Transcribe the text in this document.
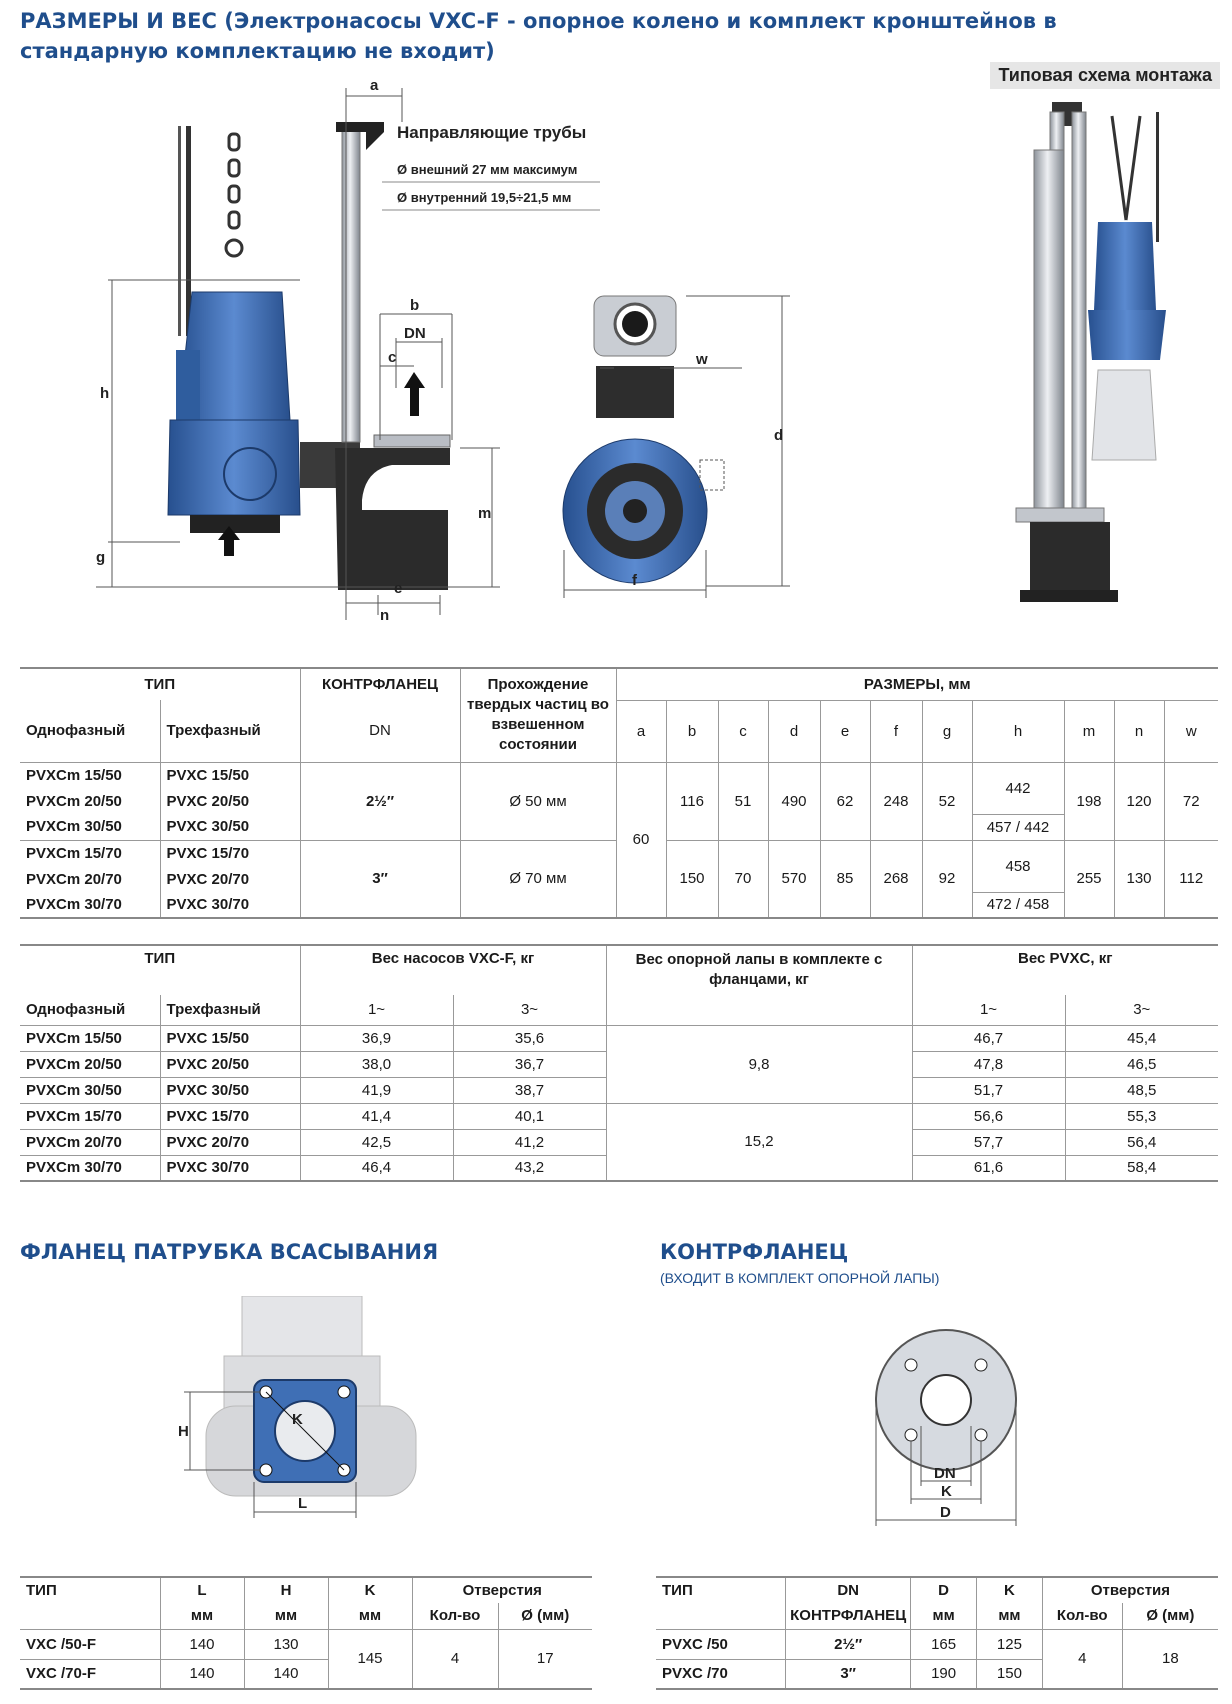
РАЗМЕРЫ И ВЕС (Электронасосы VXC-F - опорное колено и комплект кронштейнов в стандарную комплектацию не входит)
Типовая схема монтажа
a
b
DN
c
h
g
m
e
n
Направляющие трубы
Ø внешний 27 мм максимум
Ø внутренний 19,5÷21,5 мм
w
d
f
ТИП		КОНТРФЛАНЕЦ	Прохождение твердых частиц во взвешенном состоянии	РАЗМЕРЫ, мм										
Однофазный	Трехфазный	DN		a	b	c	d	e	f	g	h	m	n	w
PVXCm 15/50	PVXC 15/50	2½″	Ø 50 мм	60	116	51	490	62	248	52	442	198	120	72
PVXCm 20/50	PVXC 20/50													
PVXCm 30/50	PVXC 30/50										457 / 442			
PVXCm 15/70	PVXC 15/70	3″	Ø 70 мм		150	70	570	85	268	92	458	255	130	112
PVXCm 20/70	PVXC 20/70													
PVXCm 30/70	PVXC 30/70										472 / 458			
ТИП		Вес насосов VXC-F, кг		Вес опорной лапы в комплекте с фланцами, кг	Вес PVXC, кг	
Однофазный	Трехфазный	1~	3~		1~	3~
PVXCm 15/50	PVXC 15/50	36,9	35,6	9,8	46,7	45,4
PVXCm 20/50	PVXC 20/50	38,0	36,7		47,8	46,5
PVXCm 30/50	PVXC 30/50	41,9	38,7		51,7	48,5
PVXCm 15/70	PVXC 15/70	41,4	40,1	15,2	56,6	55,3
PVXCm 20/70	PVXC 20/70	42,5	41,2		57,7	56,4
PVXCm 30/70	PVXC 30/70	46,4	43,2		61,6	58,4
ФЛАНЕЦ ПАТРУБКА ВСАСЫВАНИЯ	КОНТРФЛАНЕЦ
(ВХОДИТ В КОМПЛЕКТ ОПОРНОЙ ЛАПЫ)
H
K
L
DN
K
D
ТИП	L	H	K	Отверстия	
	мм	мм	мм	Кол-во	Ø (мм)
VXC /50-F	140	130	145	4	17
VXC /70-F	140	140			
ТИП	DN	D	K	Отверстия	
	КОНТРФЛАНЕЦ	мм	мм	Кол-во	Ø (мм)
PVXC /50	2½″	165	125	4	18
PVXC /70	3″	190	150		
